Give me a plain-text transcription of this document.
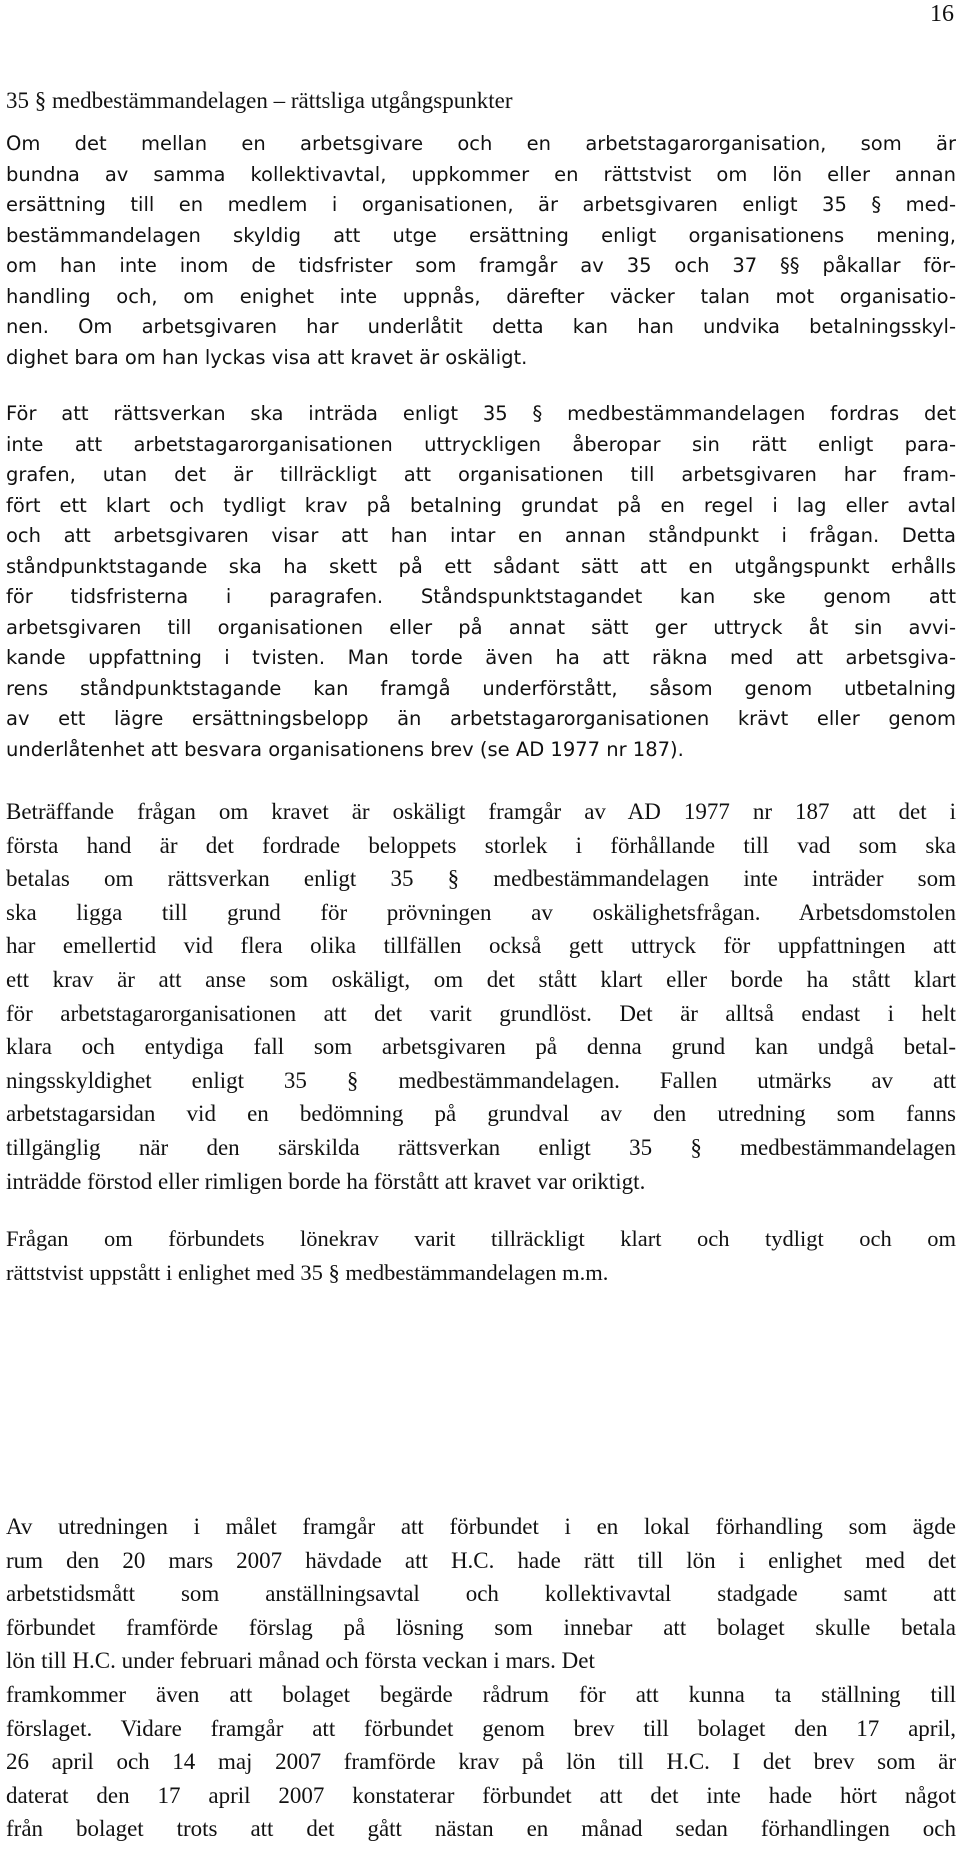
16
35 § medbestämmandelagen – rättsliga utgångspunkter

Om det mellan en arbetsgivare och en arbetstagarorganisation, som är
bundna av samma kollektivavtal, uppkommer en rättstvist om lön eller annan
ersättning till en medlem i organisationen, är arbetsgivaren enligt 35 § med-
bestämmandelagen skyldig att utge ersättning enligt organisationens mening,
om han inte inom de tidsfrister som framgår av 35 och 37 §§ påkallar för-
handling och, om enighet inte uppnås, därefter väcker talan mot organisatio-
nen. Om arbetsgivaren har underlåtit detta kan han undvika betalningsskyl-
dighet bara om han lyckas visa att kravet är oskäligt.

För att rättsverkan ska inträda enligt 35 § medbestämmandelagen fordras det
inte att arbetstagarorganisationen uttryckligen åberopar sin rätt enligt para-
grafen, utan det är tillräckligt att organisationen till arbetsgivaren har fram-
fört ett klart och tydligt krav på betalning grundat på en regel i lag eller avtal
och att arbetsgivaren visar att han intar en annan ståndpunkt i frågan. Detta
ståndpunktstagande ska ha skett på ett sådant sätt att en utgångspunkt erhålls
för tidsfristerna i paragrafen. Ståndspunktstagandet kan ske genom att
arbetsgivaren till organisationen eller på annat sätt ger uttryck åt sin avvi-
kande uppfattning i tvisten. Man torde även ha att räkna med att arbetsgiva-
rens ståndpunktstagande kan framgå underförstått, såsom genom utbetalning
av ett lägre ersättningsbelopp än arbetstagarorganisationen krävt eller genom
underlåtenhet att besvara organisationens brev (se AD 1977 nr 187).

Beträffande frågan om kravet är oskäligt framgår av AD 1977 nr 187 att det i
första hand är det fordrade beloppets storlek i förhållande till vad som ska
betalas om rättsverkan enligt 35 § medbestämmandelagen inte inträder som
ska ligga till grund för prövningen av oskälighetsfrågan. Arbetsdomstolen
har emellertid vid flera olika tillfällen också gett uttryck för uppfattningen att
ett krav är att anse som oskäligt, om det stått klart eller borde ha stått klart
för arbetstagarorganisationen att det varit grundlöst. Det är alltså endast i helt
klara och entydiga fall som arbetsgivaren på denna grund kan undgå betal-
ningsskyldighet enligt 35 § medbestämmandelagen. Fallen utmärks av att
arbetstagarsidan vid en bedömning på grundval av den utredning som fanns
tillgänglig när den särskilda rättsverkan enligt 35 § medbestämmandelagen
inträdde förstod eller rimligen borde ha förstått att kravet var oriktigt.

Frågan om förbundets lönekrav varit tillräckligt klart och tydligt och om
rättstvist uppstått i enlighet med 35 § medbestämmandelagen m.m.

Av utredningen i målet framgår att förbundet i en lokal förhandling som ägde
rum den 20 mars 2007 hävdade att H.C. hade rätt till lön i enlighet med det
arbetstidsmått som anställningsavtal och kollektivavtal stadgade samt att
förbundet framförde förslag på lösning som innebar att bolaget skulle betala
lön till H.C. under februari månad och första veckan i mars. Det
framkommer även att bolaget begärde rådrum för att kunna ta ställning till
förslaget. Vidare framgår att förbundet genom brev till bolaget den 17 april,
26 april och 14 maj 2007 framförde krav på lön till H.C. I det brev som är
daterat den 17 april 2007 konstaterar förbundet att det inte hade hört något
från bolaget trots att det gått nästan en månad sedan förhandlingen och
